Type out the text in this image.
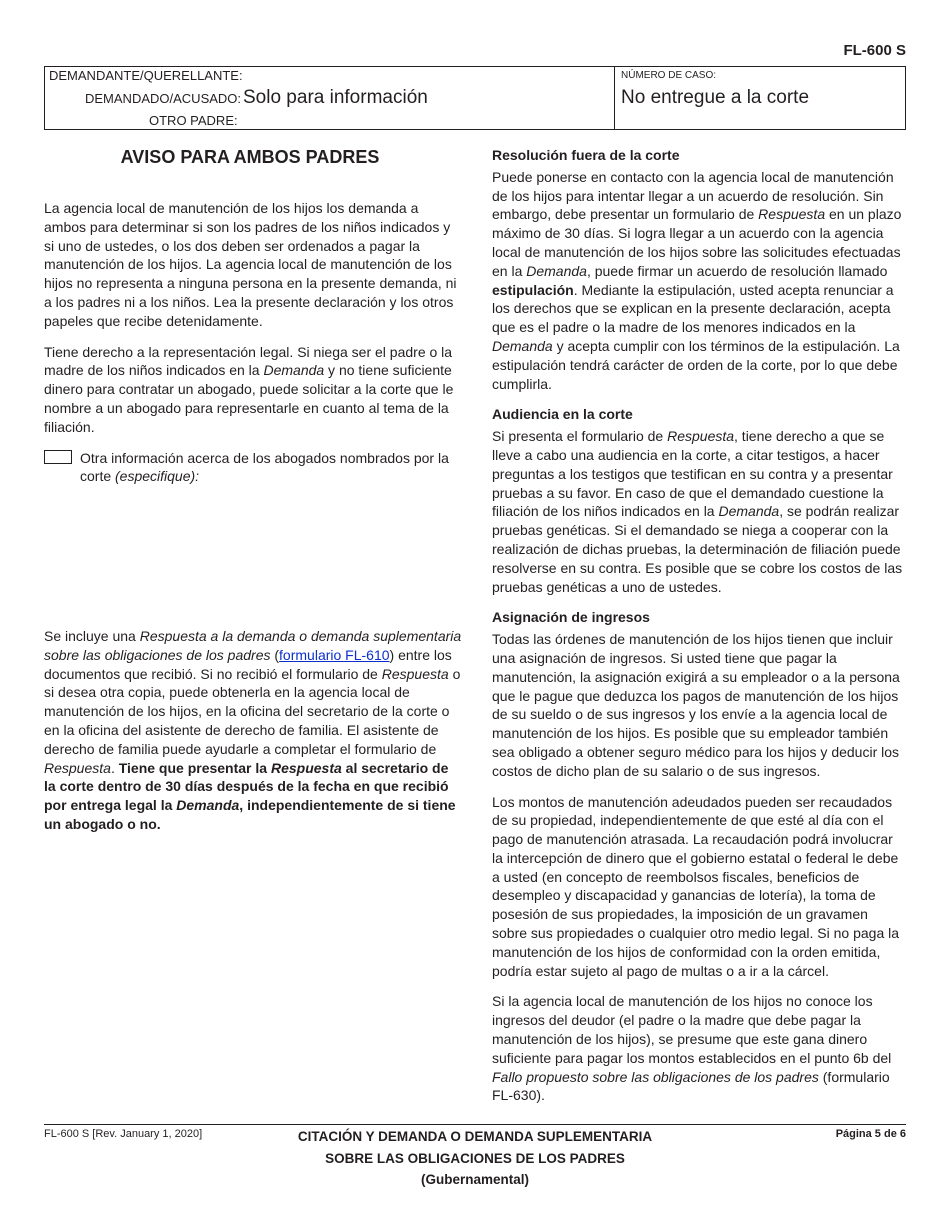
FL-600 S
DEMANDANTE/QUERELLANTE:
DEMANDADO/ACUSADO: Solo para información
OTRO PADRE:
NÚMERO DE CASO:
No entregue a la corte
AVISO PARA AMBOS PADRES

La agencia local de manutención de los hijos los demanda a ambos para determinar si son los padres de los niños indicados y si uno de ustedes, o los dos deben ser ordenados a pagar la manutención de los hijos. La agencia local de manutención de los hijos no representa a ninguna persona en la presente demanda, ni a los padres ni a los niños. Lea la presente declaración y los otros papeles que recibe detenidamente.

Tiene derecho a la representación legal. Si niega ser el padre o la madre de los niños indicados en la Demanda y no tiene suficiente dinero para contratar un abogado, puede solicitar a la corte que le nombre a un abogado para representarle en cuanto al tema de la filiación.

Otra información acerca de los abogados nombrados por la corte (especifique):

Se incluye una Respuesta a la demanda o demanda suplementaria sobre las obligaciones de los padres (formulario FL-610) entre los documentos que recibió. Si no recibió el formulario de Respuesta o si desea otra copia, puede obtenerla en la agencia local de manutención de los hijos, en la oficina del secretario de la corte o en la oficina del asistente de derecho de familia. El asistente de derecho de familia puede ayudarle a completar el formulario de Respuesta. Tiene que presentar la Respuesta al secretario de la corte dentro de 30 días después de la fecha en que recibió por entrega legal la Demanda, independientemente de si tiene un abogado o no.

Resolución fuera de la corte

Puede ponerse en contacto con la agencia local de manutención de los hijos para intentar llegar a un acuerdo de resolución. Sin embargo, debe presentar un formulario de Respuesta en un plazo máximo de 30 días. Si logra llegar a un acuerdo con la agencia local de manutención de los hijos sobre las solicitudes efectuadas en la Demanda, puede firmar un acuerdo de resolución llamado estipulación. Mediante la estipulación, usted acepta renunciar a los derechos que se explican en la presente declaración, acepta que es el padre o la madre de los menores indicados en la Demanda y acepta cumplir con los términos de la estipulación. La estipulación tendrá carácter de orden de la corte, por lo que debe cumplirla.

Audiencia en la corte

Si presenta el formulario de Respuesta, tiene derecho a que se lleve a cabo una audiencia en la corte, a citar testigos, a hacer preguntas a los testigos que testifican en su contra y a presentar pruebas a su favor. En caso de que el demandado cuestione la filiación de los niños indicados en la Demanda, se podrán realizar pruebas genéticas. Si el demandado se niega a cooperar con la realización de dichas pruebas, la determinación de filiación puede resolverse en su contra. Es posible que se cobre los costos de las pruebas genéticas a uno de ustedes.

Asignación de ingresos

Todas las órdenes de manutención de los hijos tienen que incluir una asignación de ingresos. Si usted tiene que pagar la manutención, la asignación exigirá a su empleador o a la persona que le pague que deduzca los pagos de manutención de los hijos de su sueldo o de sus ingresos y los envíe a la agencia local de manutención de los hijos. Es posible que su empleador también sea obligado a obtener seguro médico para los hijos y deducir los costos de dicho plan de su salario o de sus ingresos.

Los montos de manutención adeudados pueden ser recaudados de su propiedad, independientemente de que esté al día con el pago de manutención atrasada. La recaudación podrá involucrar la intercepción de dinero que el gobierno estatal o federal le debe a usted (en concepto de reembolsos fiscales, beneficios de desempleo y discapacidad y ganancias de lotería), la toma de posesión de sus propiedades, la imposición de un gravamen sobre sus propiedades o cualquier otro medio legal. Si no paga la manutención de los hijos de conformidad con la orden emitida, podría estar sujeto al pago de multas o a ir a la cárcel.

Si la agencia local de manutención de los hijos no conoce los ingresos del deudor (el padre o la madre que debe pagar la manutención de los hijos), se presume que este gana dinero suficiente para pagar los montos establecidos en el punto 6b del Fallo propuesto sobre las obligaciones de los padres (formulario FL-630).

FL-600 S [Rev. January 1, 2020]	CITACIÓN Y DEMANDA O DEMANDA SUPLEMENTARIA
SOBRE LAS OBLIGACIONES DE LOS PADRES
(Gubernamental)
Página 5 de 6
